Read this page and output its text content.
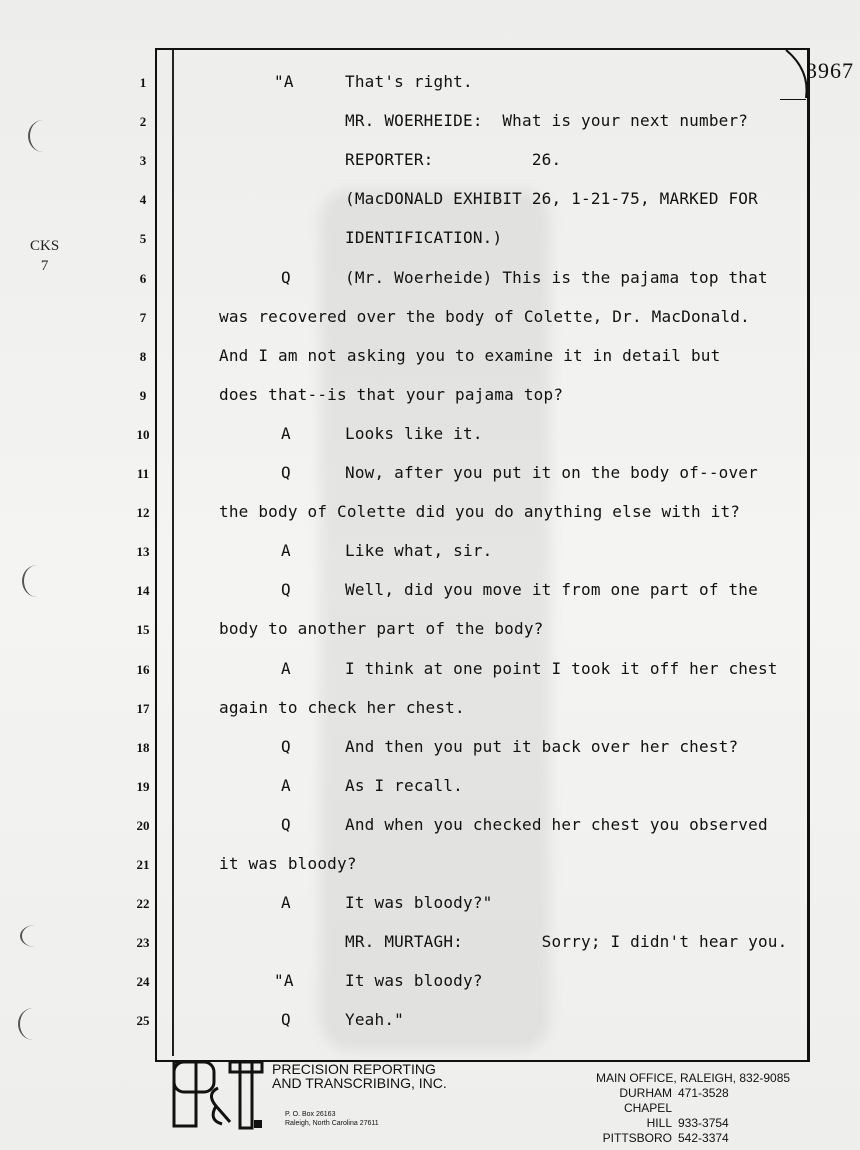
CKS
7
3967
1	"A	That's right.
2	MR. WOERHEIDE:  What is your next number?
3	REPORTER:          26.
4	(MacDONALD EXHIBIT 26, 1-21-75, MARKED FOR
5	IDENTIFICATION.)
6	Q	(Mr. Woerheide) This is the pajama top that
7	was recovered over the body of Colette, Dr. MacDonald.
8	And I am not asking you to examine it in detail but
9	does that--is that your pajama top?
10	A	Looks like it.
11	Q	Now, after you put it on the body of--over
12	the body of Colette did you do anything else with it?
13	A	Like what, sir.
14	Q	Well, did you move it from one part of the
15	body to another part of the body?
16	A	I think at one point I took it off her chest
17	again to check her chest.
18	Q	And then you put it back over her chest?
19	A	As I recall.
20	Q	And when you checked her chest you observed
21	it was bloody?
22	A	It was bloody?"
23	MR. MURTAGH:        Sorry; I didn't hear you.
24	"A	It was bloody?
25	Q	Yeah."
PRECISION REPORTING
AND TRANSCRIBING, INC.
P. O. Box 26163
Raleigh, North Carolina 27611
MAIN OFFICE, RALEIGH, 832-9085
DURHAM 471-3528
CHAPEL HILL 933-3754
PITTSBORO 542-3374
